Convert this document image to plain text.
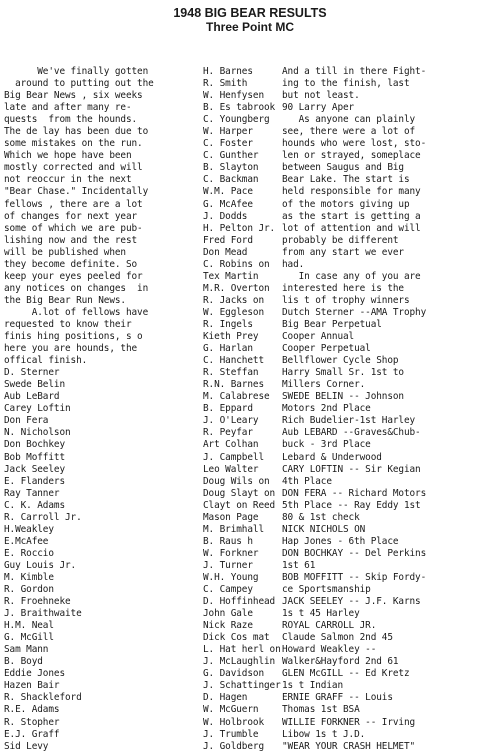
1948 BIG BEAR RESULTS
Three Point MC
We've finally gotten
around to putting out the
Big Bear News , six weeks
late and after many re-
quests  from the hounds.
The de lay has been due to
some mistakes on the run.
Which we hope have been
mostly corrected and will
not reoccur in the next
"Bear Chase." Incidentally
fellows , there are a lot
of changes for next year
some of which we are pub-
lishing now and the rest
will be published when
they become definite. So
keep your eyes peeled for
any notices on changes  in
the Big Bear Run News.
A.lot of fellows have
requested to know their
finis hing positions, s o
here you are hounds, the
offical finish.
D. Sterner
Swede Belin
Aub LeBard
Carey Loftin
Don Fera
N. Nicholson
Don Bochkey
Bob Moffitt
Jack Seeley
E. Flanders
Ray Tanner
C. K. Adams
R. Carroll Jr.
H.Weakley
E.McAfee
E. Roccio
Guy Louis Jr.
M. Kimble
R. Gordon
R. Froehneke
J. Braithwaite
H.M. Neal
G. McGill
Sam Mann
B. Boyd
Eddie Jones
Hazen Bair
R. Shackleford
R.E. Adams
R. Stopher
E.J. Graff
Sid Levy
H. Barnes
R. Smith
W. Henfysen
B. Es tabrook
C. Youngberg
W. Harper
C. Foster
C. Gunther
B. Slayton
C. Backman
W.M. Pace
G. McAfee
J. Dodds
H. Pelton Jr.
Fred Ford
Don Mead
C. Robins on
Tex Martin
M.R. Overton
R. Jacks on
W. Eggleson
R. Ingels
Kieth Prey
G. Harlan
C. Hanchett
R. Steffan
R.N. Barnes
M. Calabrese
B. Eppard
J. O'Leary
R. Peyfar
Art Colhan
J. Campbell
Leo Walter
Doug Wils on
Doug Slayt on
Clayt on Reed
Mason Page
M. Brimhall
B. Raus h
W. Forkner
J. Turner
W.H. Young
C. Campey
D. Hoffinhead
John Gale
Nick Raze
Dick Cos mat
L. Hat herl on
J. McLaughlin
G. Davidson
J. Schattinger
D. Hagen
W. McGuern
W. Holbrook
J. Trumble
J. Goldberg
And a till in there Fight-
ing to the finish, last
but not least.
90 Larry Aper
As anyone can plainly
see, there were a lot of
hounds who were lost, sto-
len or strayed, someplace
between Saugus and Big
Bear Lake. The start is
held responsible for many
of the motors giving up
as the start is getting a
lot of attention and will
probably be different
from any start we ever
had.
In case any of you are
interested here is the
lis t of trophy winners
Dutch Sterner --AMA Trophy
Big Bear Perpetual
Cooper Annual
Cooper Perpetual
Bellflower Cycle Shop
Harry Small Sr. 1st to
Millers Corner.
SWEDE BELIN -- Johnson
Motors 2nd Place
Rich Budelier-1st Harley
Aub LEBARD --Graves&Chub-
buck - 3rd Place
Lebard & Underwood
CARY LOFTIN -- Sir Kegian
4th Place
DON FERA -- Richard Motors
5th Place -- Ray Eddy 1st
80 & 1st check
NICK NICHOLS ON
Hap Jones - 6th Place
DON BOCHKAY -- Del Perkins
1st 61
BOB MOFFITT -- Skip Fordy-
ce Sportsmanship
JACK SEELEY -- J.F. Karns
1s t 45 Harley
ROYAL CARROLL JR.
Claude Salmon 2nd 45
Howard Weakley --
Walker&Hayford 2nd 61
GLEN McGILL -- Ed Kretz
1s t Indian
ERNIE GRAFF -- Louis
Thomas 1st BSA
WILLIE FORKNER -- Irving
Libow 1s t J.D.
"WEAR YOUR CRASH HELMET"
